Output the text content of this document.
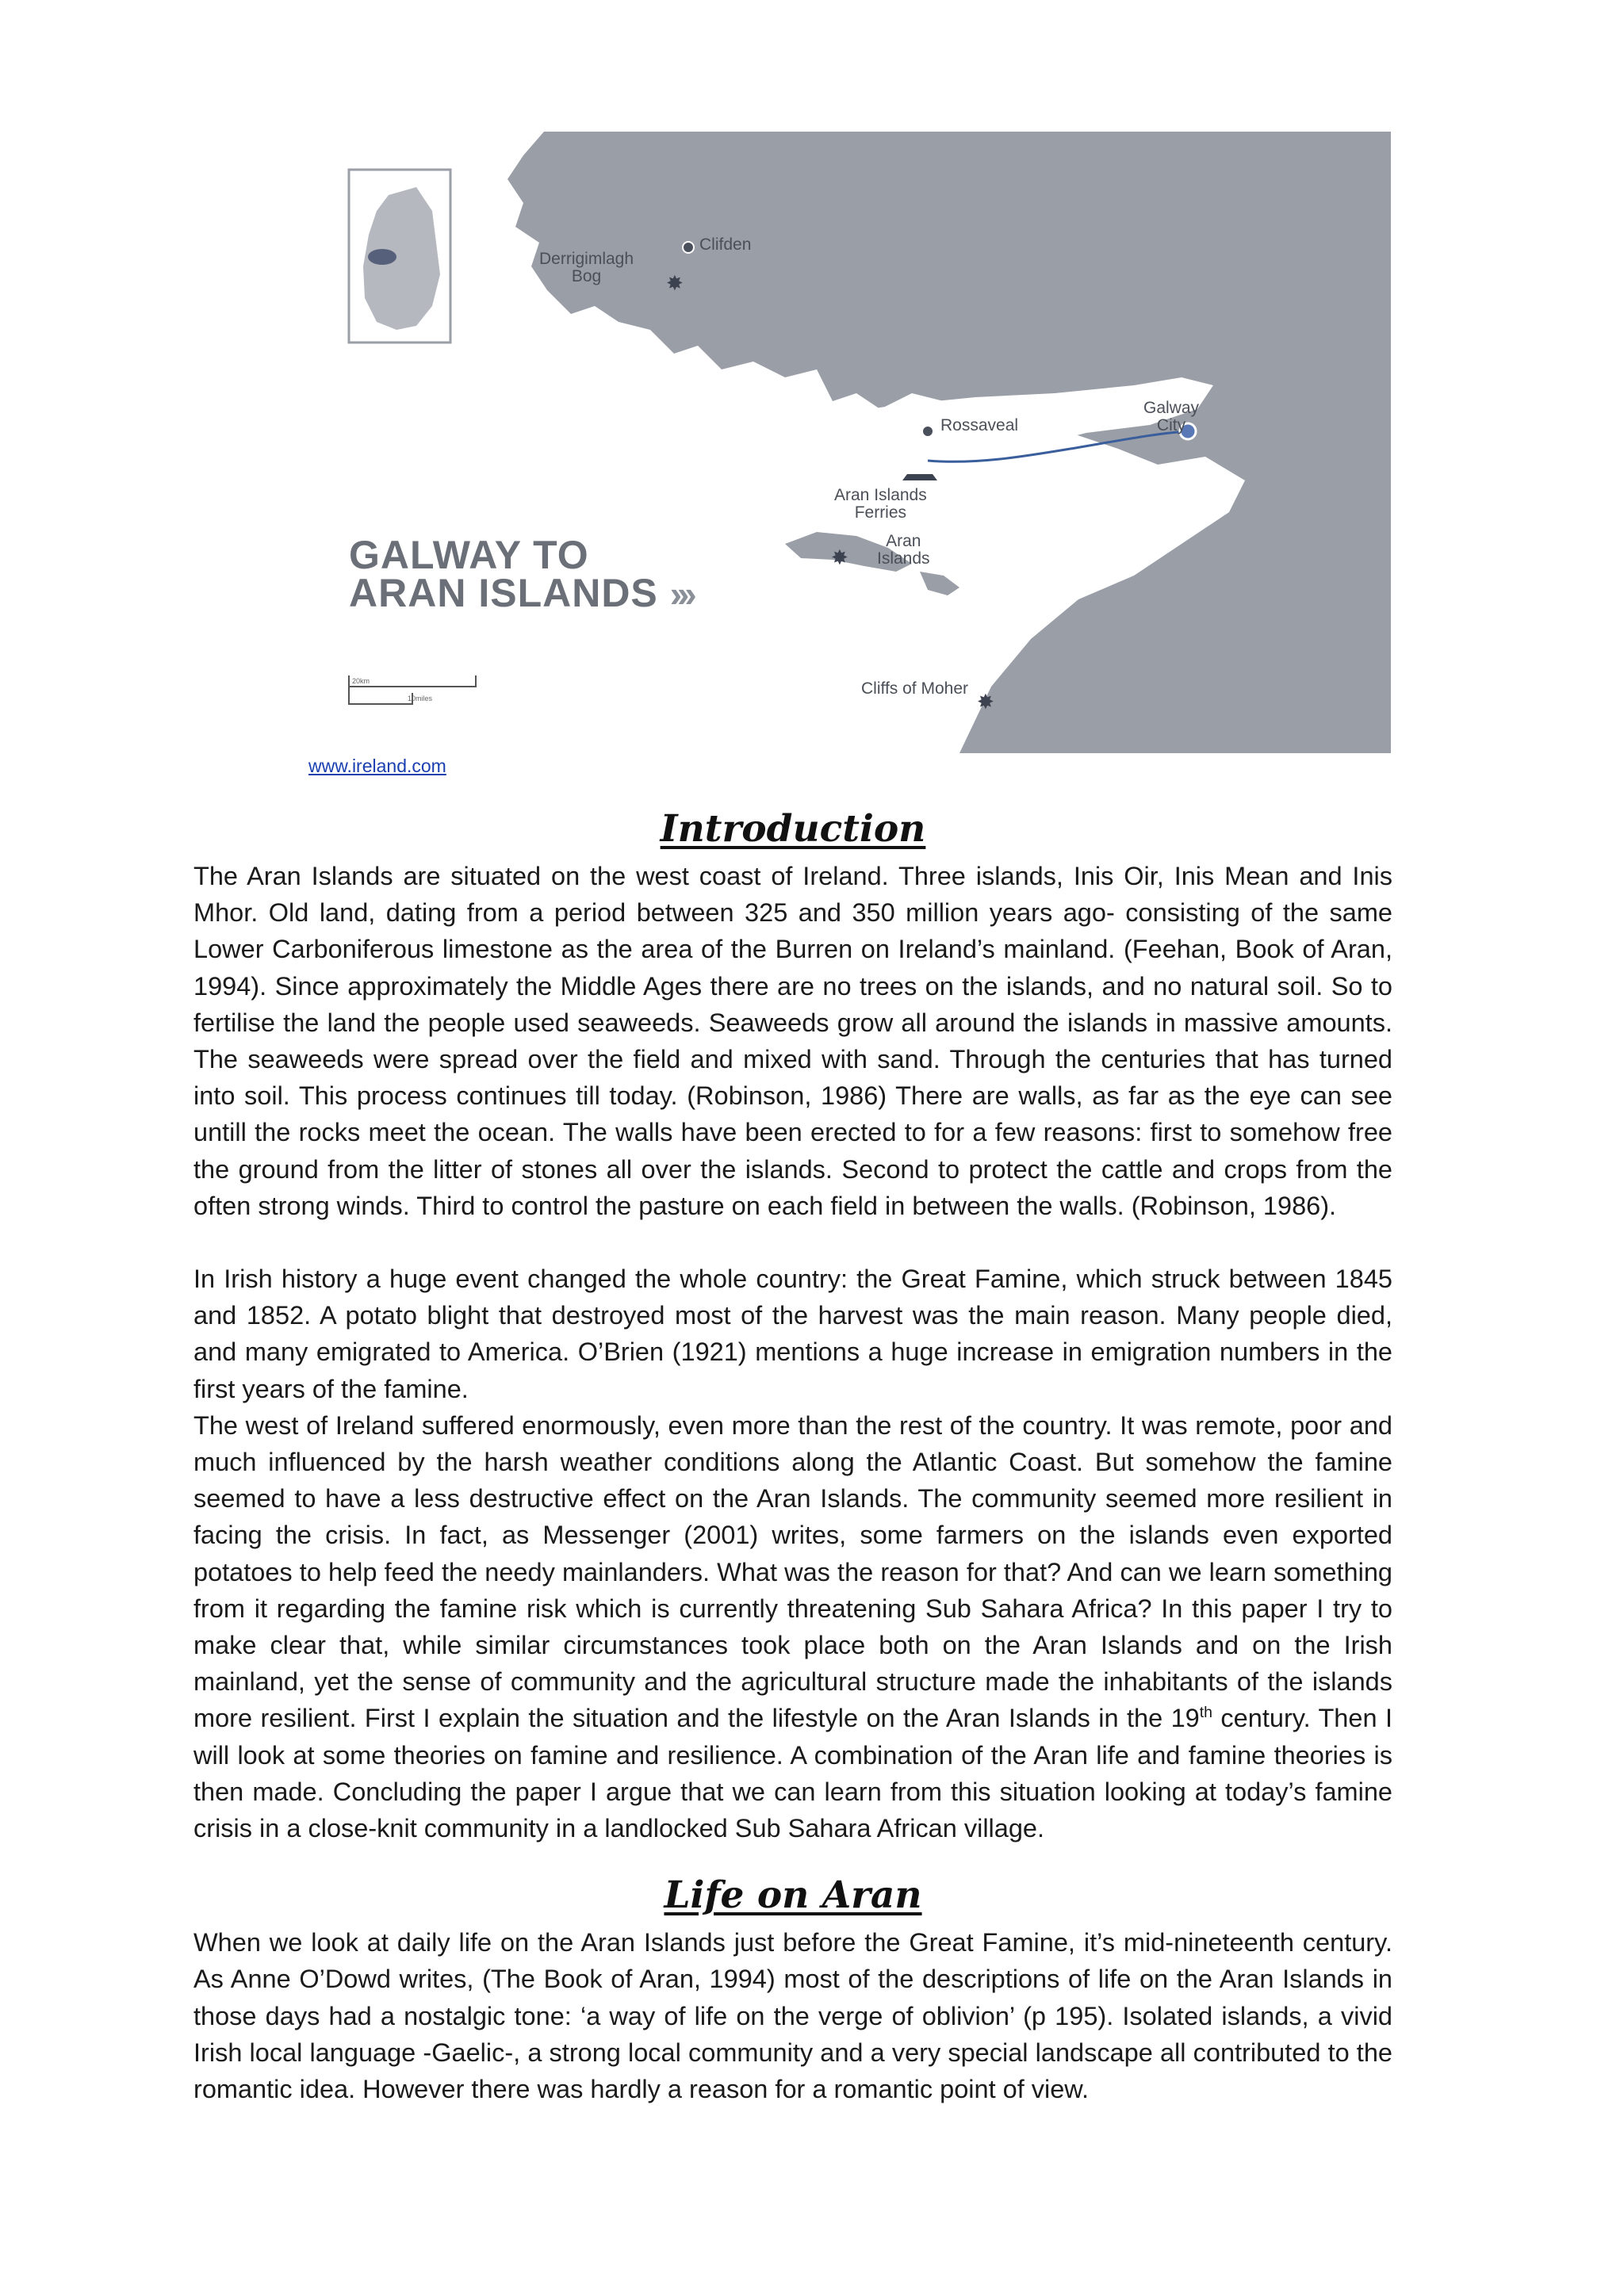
✸
✸
✸
GALWAY TO
ARAN ISLANDS ›››
Clifden
Derrigimlagh
Bog
Rossaveal
Galway
City
Aran Islands
Ferries
Aran
Islands
Cliffs of Moher
20km
10miles
www.ireland.com
Introduction

The Aran Islands are situated on the west coast of Ireland. Three islands, Inis Oir, Inis Mean and Inis Mhor. Old land, dating from a period between 325 and 350 million years ago- consisting of the same Lower Carboniferous limestone as the area of the Burren on Ireland’s mainland. (Feehan, Book of Aran, 1994). Since approximately the Middle Ages there are no trees on the islands, and no natural soil. So to fertilise the land the people used seaweeds. Seaweeds grow all around the islands in massive amounts. The seaweeds were spread over the field and mixed with sand. Through the centuries that has turned into soil. This process continues till today. (Robinson, 1986) There are walls, as far as the eye can see untill the rocks meet the ocean. The walls have been erected to for a few reasons: first to somehow free the ground from the litter of stones all over the islands. Second to protect the cattle and crops from the often strong winds. Third to control the pasture on each field in between the walls. (Robinson, 1986).

In Irish history a huge event changed the whole country: the Great Famine, which struck between 1845 and 1852. A potato blight that destroyed most of the harvest was the main reason. Many people died, and many emigrated to America. O’Brien (1921) mentions a huge increase in emigration numbers in the first years of the famine.

The west of Ireland suffered enormously, even more than the rest of the country. It was remote, poor and much influenced by the harsh weather conditions along the Atlantic Coast. But somehow the famine seemed to have a less destructive effect on the Aran Islands. The community seemed more resilient in facing the crisis. In fact, as Messenger (2001) writes, some farmers on the islands even exported potatoes to help feed the needy mainlanders. What was the reason for that? And can we learn something from it regarding the famine risk which is currently threatening Sub Sahara Africa? In this paper I try to make clear that, while similar circumstances took place both on the Aran Islands and on the Irish mainland, yet the sense of community and the agricultural structure made the inhabitants of the islands more resilient. First I explain the situation and the lifestyle on the Aran Islands in the 19th century. Then I will look at some theories on famine and resilience. A combination of the Aran life and famine theories is then made. Concluding the paper I argue that we can learn from this situation looking at today’s famine crisis in a close-knit community in a landlocked Sub Sahara African village.

Life on Aran

When we look at daily life on the Aran Islands just before the Great Famine, it’s mid-nineteenth century. As Anne O’Dowd writes, (The Book of Aran, 1994) most of the descriptions of life on the Aran Islands in those days had a nostalgic tone: ‘a way of life on the verge of oblivion’ (p 195). Isolated islands, a vivid Irish local language -Gaelic-, a strong local community and a very special landscape all contributed to the romantic idea. However there was hardly a reason for a romantic point of view.
